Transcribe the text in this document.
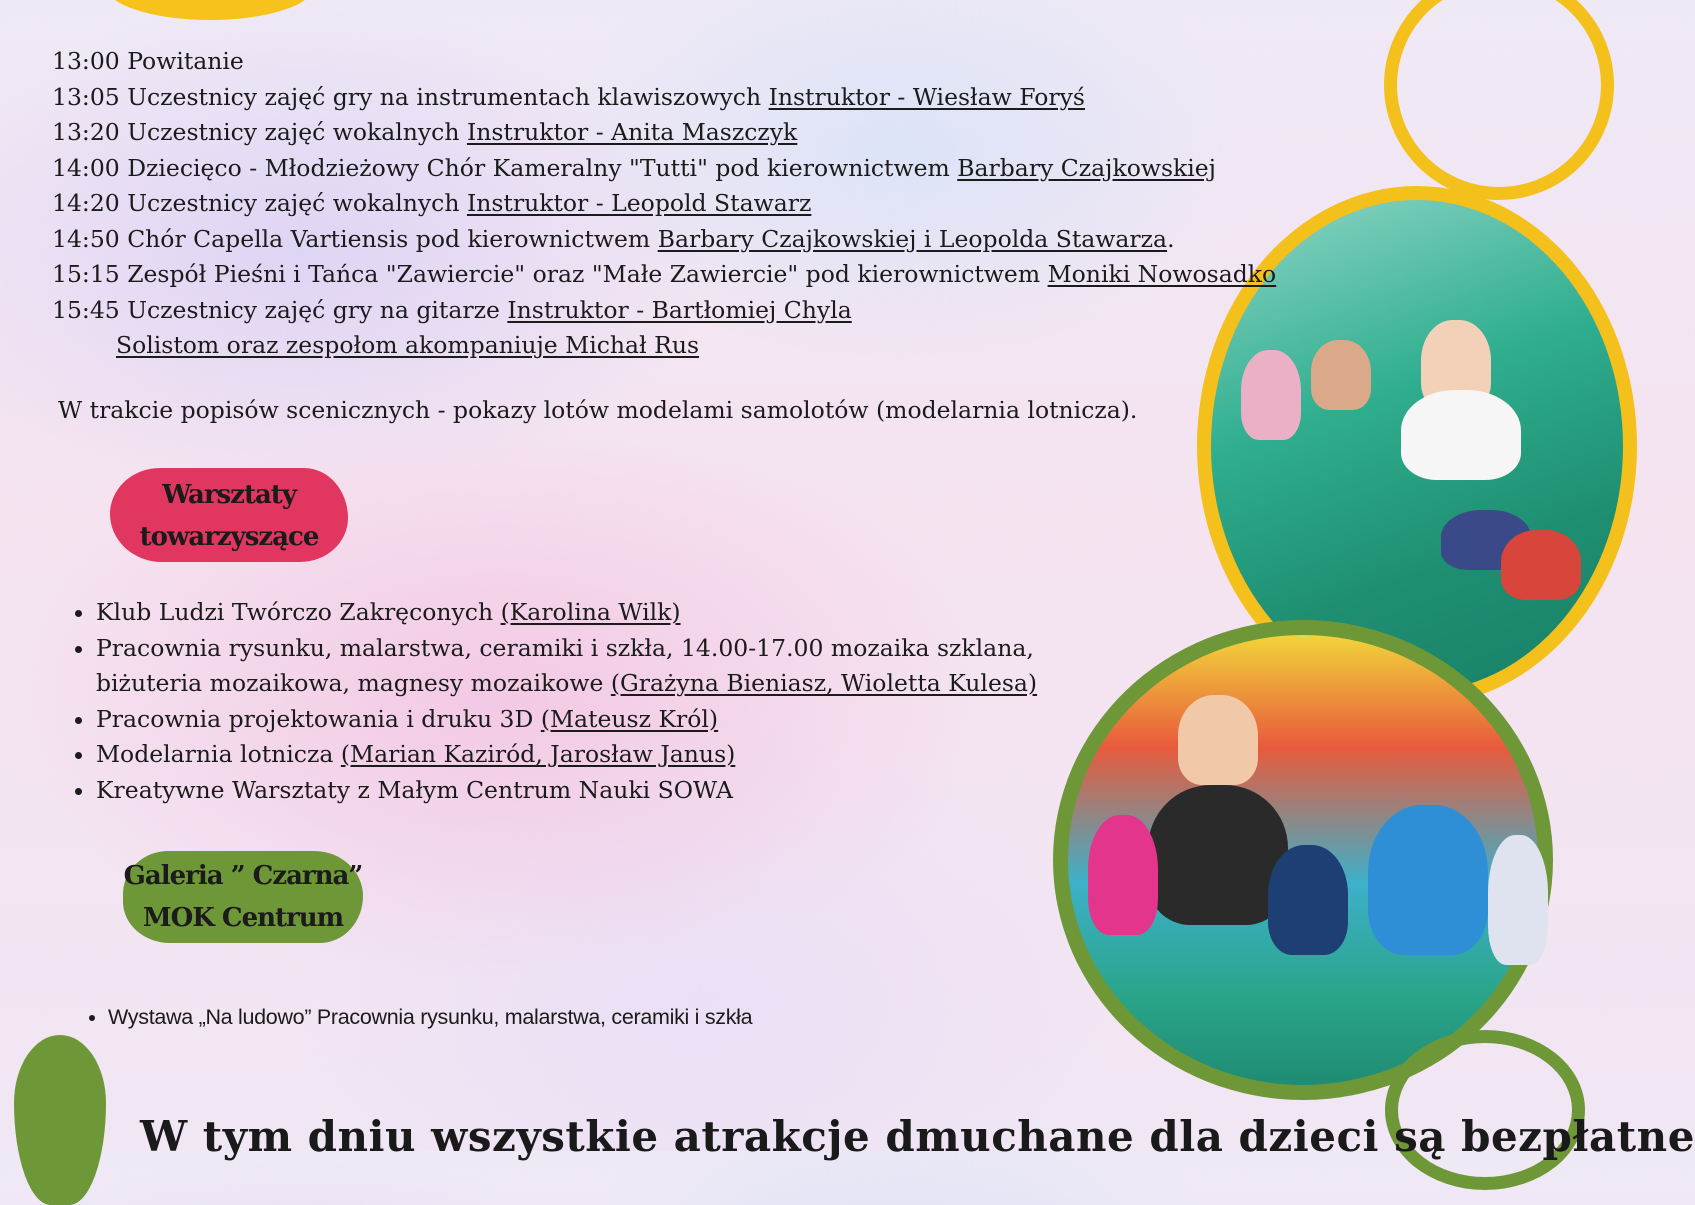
13:00 Powitanie
13:05 Uczestnicy zajęć gry na instrumentach klawiszowych Instruktor - Wiesław Foryś
13:20 Uczestnicy zajęć wokalnych Instruktor - Anita Maszczyk
14:00 Dziecięco - Młodzieżowy Chór Kameralny "Tutti" pod kierownictwem Barbary Czajkowskiej
14:20 Uczestnicy zajęć wokalnych Instruktor - Leopold Stawarz
14:50 Chór Capella Vartiensis pod kierownictwem Barbary Czajkowskiej i Leopolda Stawarza.
15:15 Zespół Pieśni i Tańca "Zawiercie" oraz "Małe Zawiercie" pod kierownictwem Moniki Nowosadko
15:45 Uczestnicy zajęć gry na gitarze Instruktor - Bartłomiej Chyla
Solistom oraz zespołom akompaniuje Michał Rus
W trakcie popisów scenicznych - pokazy lotów modelami samolotów (modelarnia lotnicza).
Warsztaty
towarzyszące
• Klub Ludzi Twórczo Zakręconych (Karolina Wilk)
• Pracownia rysunku, malarstwa, ceramiki i szkła, 14.00-17.00 mozaika szklana, biżuteria mozaikowa, magnesy mozaikowe (Grażyna Bieniasz, Wioletta Kulesa)
• Pracownia projektowania i druku 3D (Mateusz Król)
• Modelarnia lotnicza (Marian Kaziród, Jarosław Janus)
• Kreatywne Warsztaty z Małym Centrum Nauki SOWA
Galeria ” Czarna”
MOK Centrum
• Wystawa „Na ludowo” Pracownia rysunku, malarstwa, ceramiki i szkła
W tym dniu wszystkie atrakcje dmuchane dla dzieci są bezpłatne
